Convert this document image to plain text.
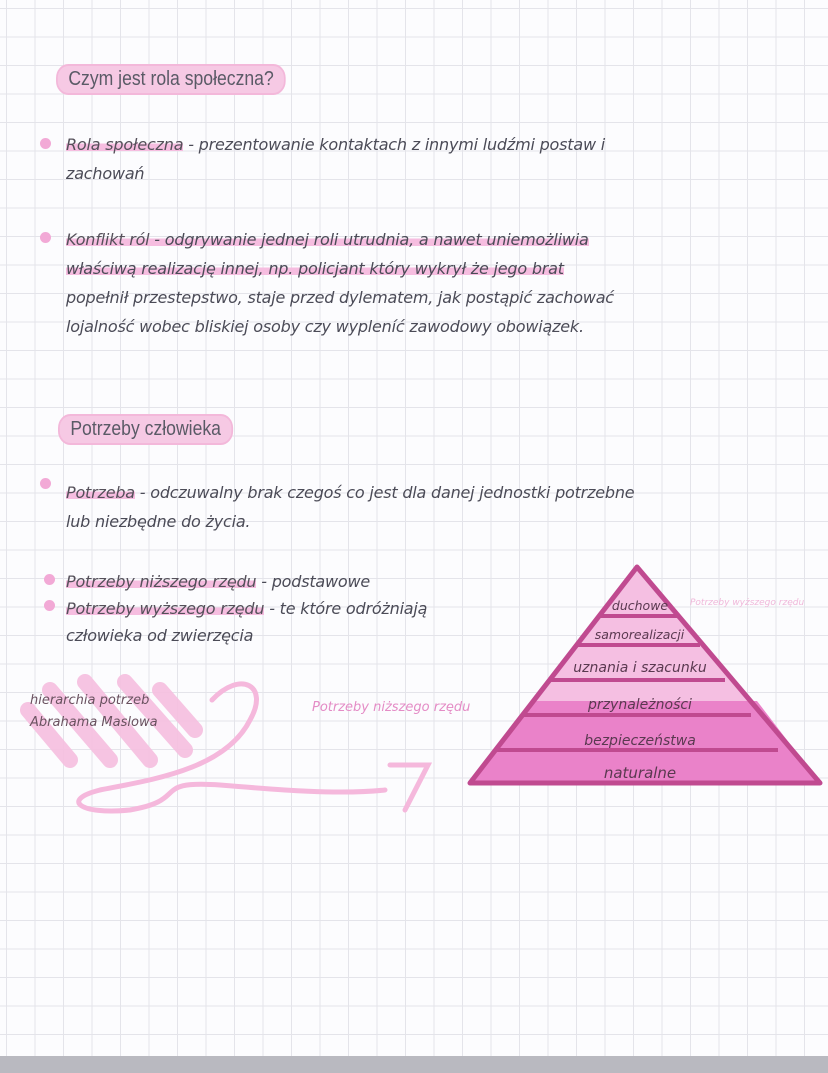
Czym jest rola społeczna?
Rola społeczna - prezentowanie kontaktach z innymi ludźmi postaw i
zachowań
Konflikt ról - odgrywanie jednej roli utrudnia, a nawet uniemożliwia
właściwą realizację innej, np. policjant który wykrył że jego brat
popełnił przestepstwo, staje przed dylematem, jak postąpić zachować
lojalność wobec bliskiej osoby czy wypleníć zawodowy obowiązek.
Potrzeby człowieka
Potrzeba - odczuwalny brak czegoś co jest dla danej jednostki potrzebne
lub niezbędne do życia.
Potrzeby niższego rzędu - podstawowe
Potrzeby wyższego rzędu - te które odróżniają
człowieka od zwierzęcia
hierarchia potrzeb
Abrahama Maslowa
Potrzeby niższego rzędu
Potrzeby wyższego rzędu
duchowe
samorealizacji
uznania i szacunku
przynależności
bezpieczeństwa
naturalne
